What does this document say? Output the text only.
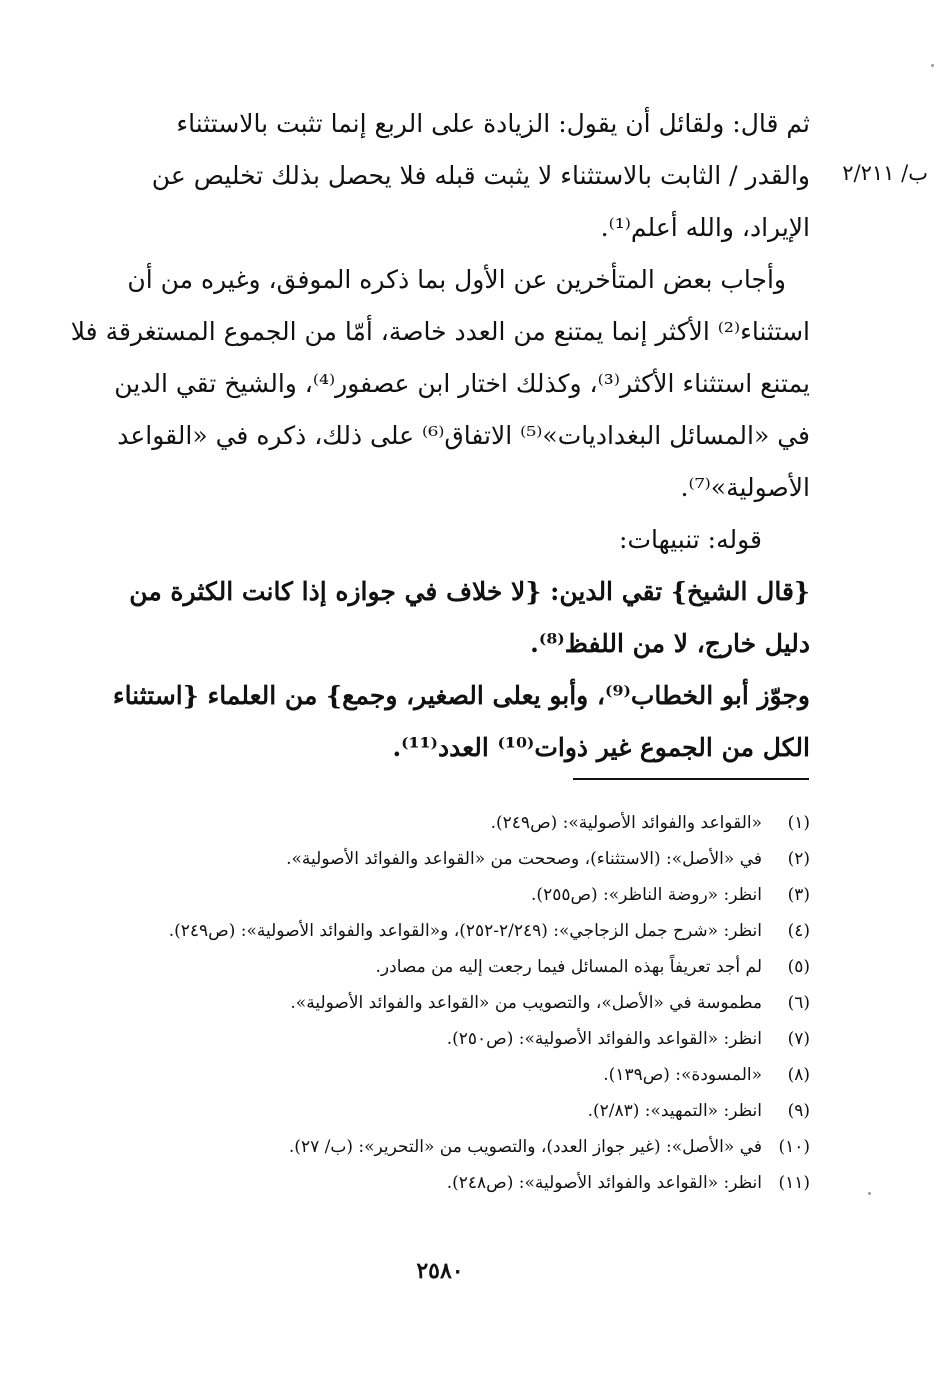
ب/ ٢/٢١١

ثم قال: ولقائل أن يقول: الزيادة على الربع إنما تثبت بالاستثناء

والقدر / الثابت بالاستثناء لا يثبت قبله فلا يحصل بذلك تخليص عن

الإيراد، والله أعلم⁽¹⁾.

وأجاب بعض المتأخرين عن الأول بما ذكره الموفق، وغيره من أن

استثناء⁽²⁾ الأكثر إنما يمتنع من العدد خاصة، أمّا من الجموع المستغرقة فلا

يمتنع استثناء الأكثر⁽³⁾، وكذلك اختار ابن عصفور⁽⁴⁾، والشيخ تقي الدين

في «المسائل البغداديات»⁽⁵⁾ الاتفاق⁽⁶⁾ على ذلك، ذكره في «القواعد

الأصولية»⁽⁷⁾.

قوله: تنبيهات:

{قال الشيخ} تقي الدين: {لا خلاف في جوازه إذا كانت الكثرة من

دليل خارج، لا من اللفظ⁽⁸⁾.

وجوّز أبو الخطاب⁽⁹⁾، وأبو يعلى الصغير، وجمع} من العلماء {استثناء

الكل من الجموع غير ذوات⁽¹⁰⁾ العدد⁽¹¹⁾.

(١)«القواعد والفوائد الأصولية»: (ص٢٤٩).
(٢)في «الأصل»: (الاستثناء)، وصححت من «القواعد والفوائد الأصولية».
(٣)انظر: «روضة الناظر»: (ص٢٥٥).
(٤)انظر: «شرح جمل الزجاجي»: (٢/٢٤٩-٢٥٢)، و«القواعد والفوائد الأصولية»: (ص٢٤٩).
(٥)لم أجد تعريفاً بهذه المسائل فيما رجعت إليه من مصادر.
(٦)مطموسة في «الأصل»، والتصويب من «القواعد والفوائد الأصولية».
(٧)انظر: «القواعد والفوائد الأصولية»: (ص٢٥٠).
(٨)«المسودة»: (ص١٣٩).
(٩)انظر: «التمهيد»: (٢/٨٣).
(١٠)في «الأصل»: (غير جواز العدد)، والتصويب من «التحرير»: (ب/ ٢٧).
(١١)انظر: «القواعد والفوائد الأصولية»: (ص٢٤٨).
٢٥٨٠
